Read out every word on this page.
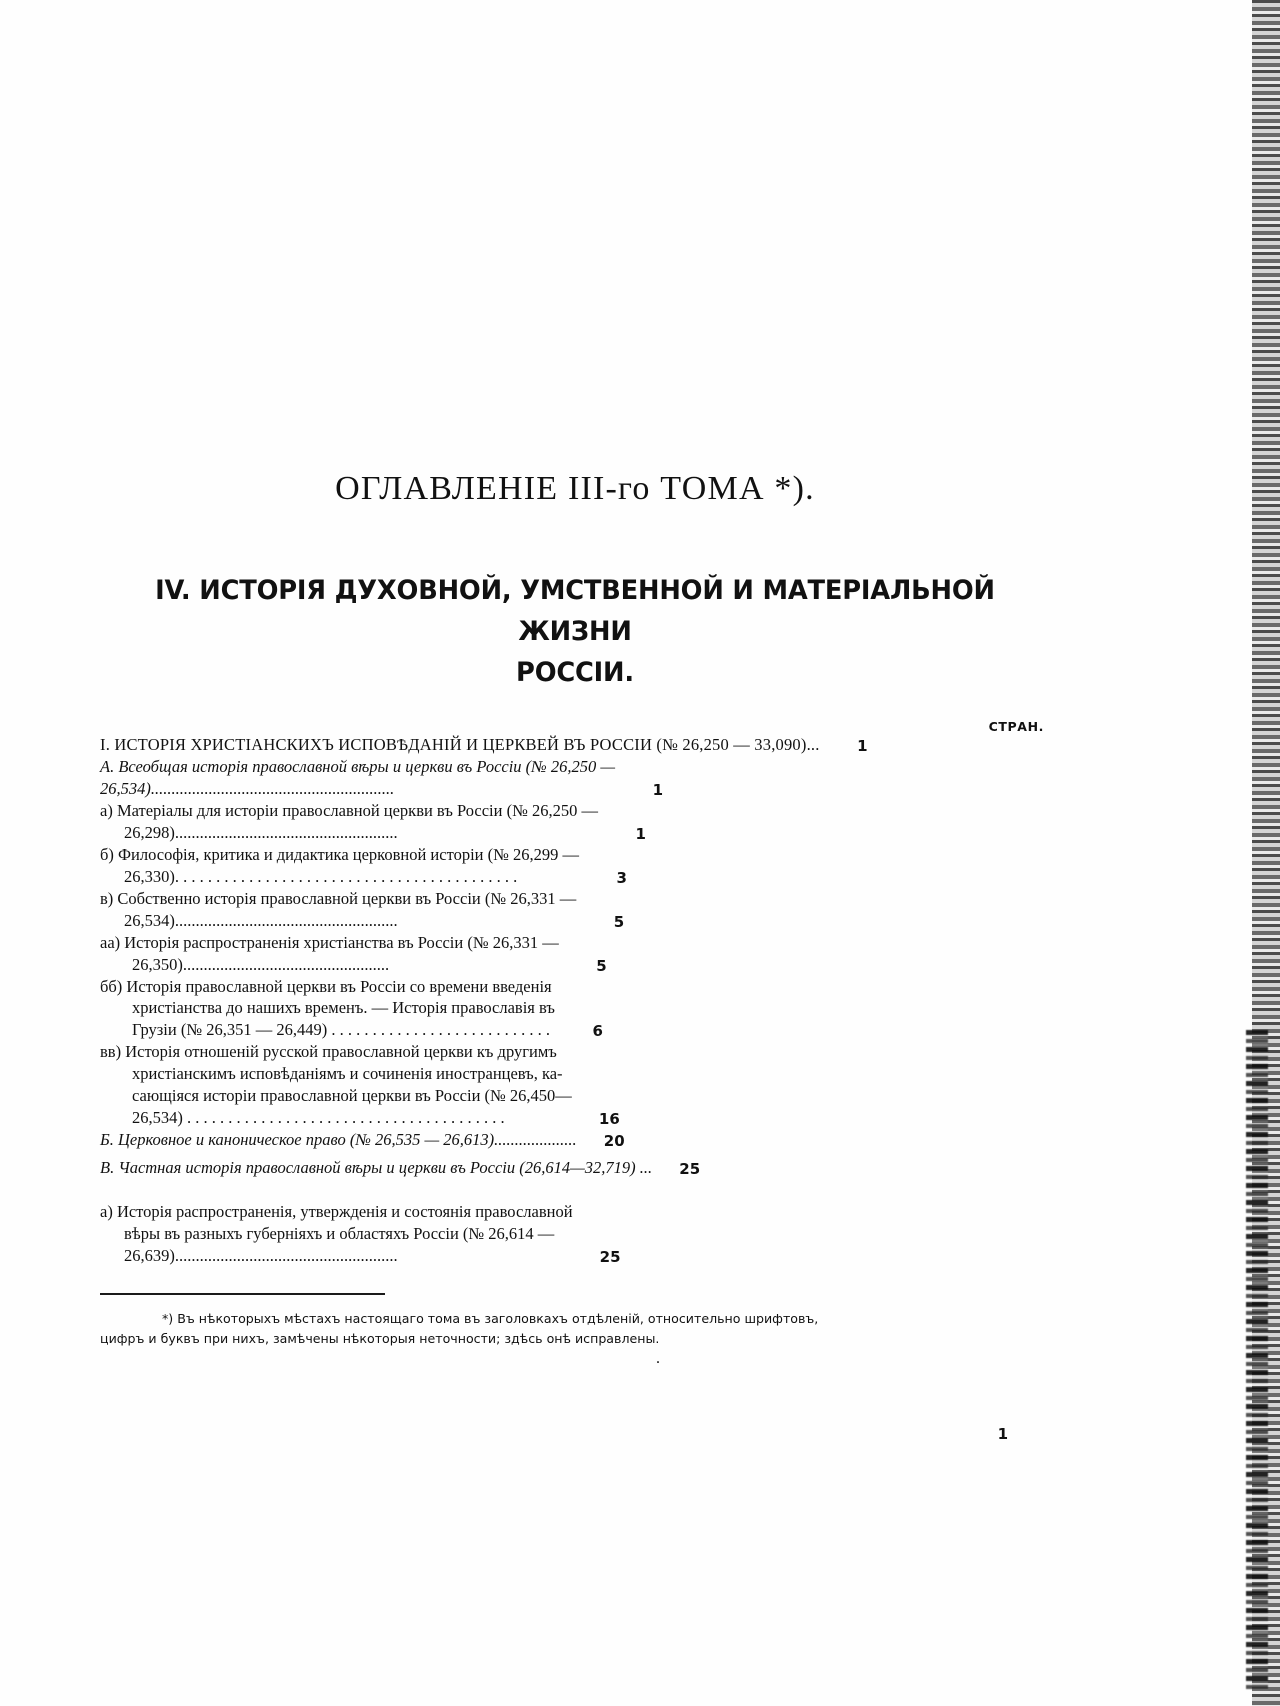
ОГЛАВЛЕНІЕ III-го ТОМА *).
IV. ИСТОРІЯ ДУХОВНОЙ, УМСТВЕННОЙ И МАТЕРІАЛЬНОЙ ЖИЗНИ
РОССІИ.
СТРАН.
I. ИСТОРІЯ ХРИСТІАНСКИХЪ ИСПОВѢДАНІЙ И ЦЕРКВЕЙ ВЪ РОССІИ (№ 26,250 — 33,090)...	1
А. Всеобщая исторія православной вѣры и церкви въ Россіи (№ 26,250 —
26,534)...........................................................	1
а) Матеріалы для исторіи православной церкви въ Россіи (№ 26,250 —
26,298)......................................................	1
б) Философія, критика и дидактика церковной исторіи (№ 26,299 —
26,330). . . . . . . . . . . . . . . . . . . . . . . . . . . . . . . . . . . . . . . . . .	3
в) Собственно исторія православной церкви въ Россіи (№ 26,331 —
26,534)......................................................	5
аа) Исторія распространенія христіанства въ Россіи (№ 26,331 —
26,350)..................................................	5
бб) Исторія православной церкви въ Россіи со времени введенія
христіанства до нашихъ временъ. — Исторія православія въ
Грузіи (№ 26,351 — 26,449) . . . . . . . . . . . . . . . . . . . . . . . . . . .	6
вв) Исторія отношеній русской православной церкви къ другимъ
христіанскимъ исповѣданіямъ и сочиненія иностранцевъ, ка-
сающіяся исторіи православной церкви въ Россіи (№ 26,450—
26,534) . . . . . . . . . . . . . . . . . . . . . . . . . . . . . . . . . . . . . . .	16
Б. Церковное и каноническое право (№ 26,535 — 26,613)....................	20
В. Частная исторія православной вѣры и церкви въ Россіи (26,614—32,719) ...	25
а) Исторія распространенія, утвержденія и состоянія православной
вѣры въ разныхъ губерніяхъ и областяхъ Россіи (№ 26,614 —
26,639)......................................................	25
*) Въ нѣкоторыхъ мѣстахъ настоящаго тома въ заголовкахъ отдѣленій, относительно шрифтовъ,
цифръ и буквъ при нихъ, замѣчены нѣкоторыя неточности; здѣсь онѣ исправлены.
.
1
